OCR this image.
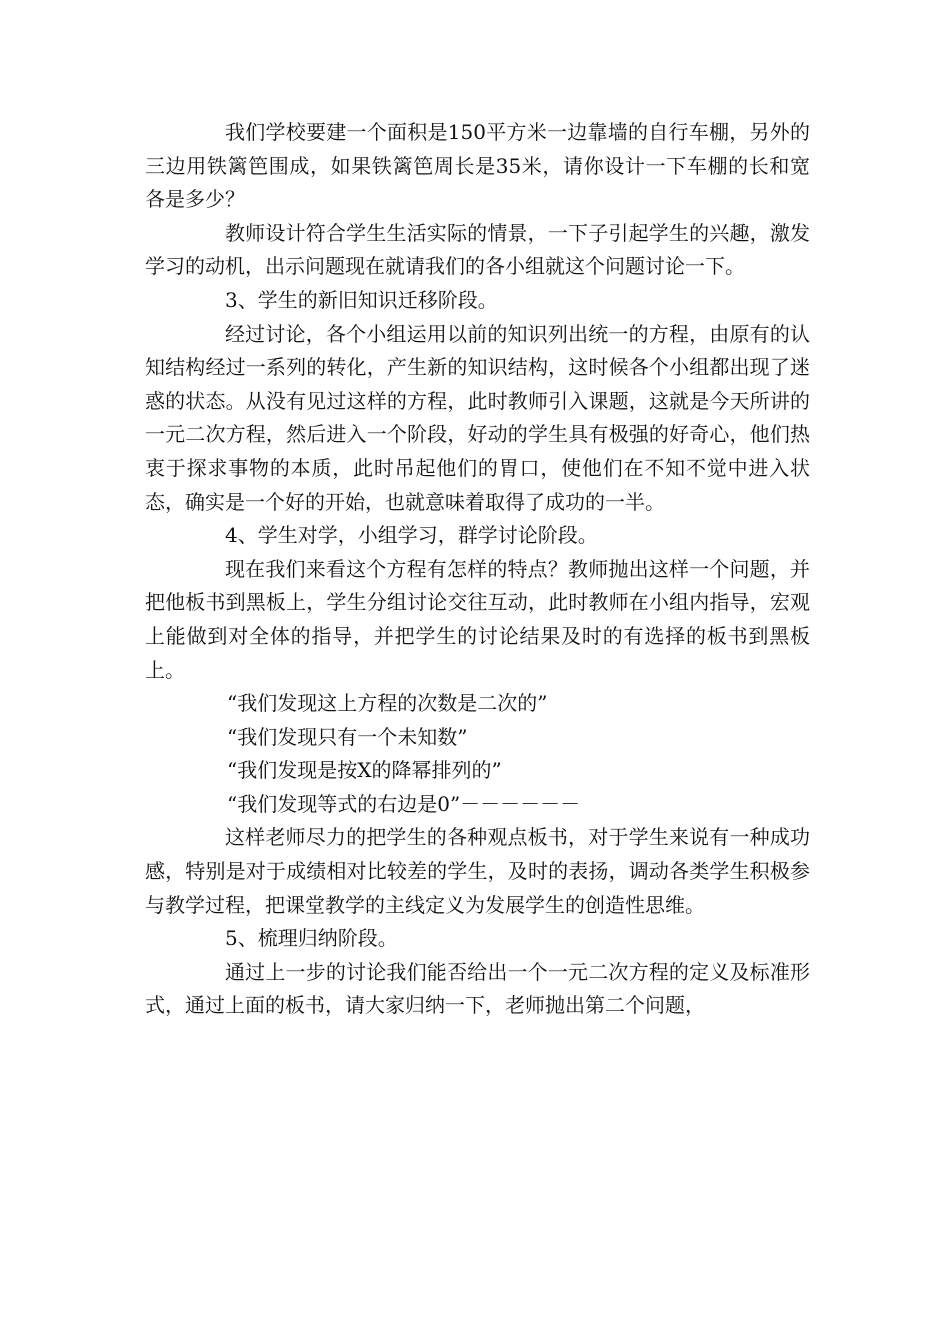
我们学校要建一个面积是150平方米一边靠墙的自行车棚，另外的三边用铁篱笆围成，如果铁篱笆周长是35米，请你设计一下车棚的长和宽各是多少？

教师设计符合学生生活实际的情景，一下子引起学生的兴趣，激发学习的动机，出示问题现在就请我们的各小组就这个问题讨论一下。

3、学生的新旧知识迁移阶段。

经过讨论，各个小组运用以前的知识列出统一的方程，由原有的认知结构经过一系列的转化，产生新的知识结构，这时候各个小组都出现了迷惑的状态。从没有见过这样的方程，此时教师引入课题，这就是今天所讲的一元二次方程，然后进入一个阶段，好动的学生具有极强的好奇心，他们热衷于探求事物的本质，此时吊起他们的胃口，使他们在不知不觉中进入状态，确实是一个好的开始，也就意味着取得了成功的一半。

4、学生对学，小组学习，群学讨论阶段。

现在我们来看这个方程有怎样的特点？教师抛出这样一个问题，并把他板书到黑板上，学生分组讨论交往互动，此时教师在小组内指导，宏观上能做到对全体的指导，并把学生的讨论结果及时的有选择的板书到黑板上。

“我们发现这上方程的次数是二次的”

“我们发现只有一个未知数”

“我们发现是按X的降幂排列的”

“我们发现等式的右边是0”－－－－－－

这样老师尽力的把学生的各种观点板书，对于学生来说有一种成功感，特别是对于成绩相对比较差的学生，及时的表扬，调动各类学生积极参与教学过程，把课堂教学的主线定义为发展学生的创造性思维。

5、梳理归纳阶段。

通过上一步的讨论我们能否给出一个一元二次方程的定义及标准形式，通过上面的板书，请大家归纳一下，老师抛出第二个问题，
